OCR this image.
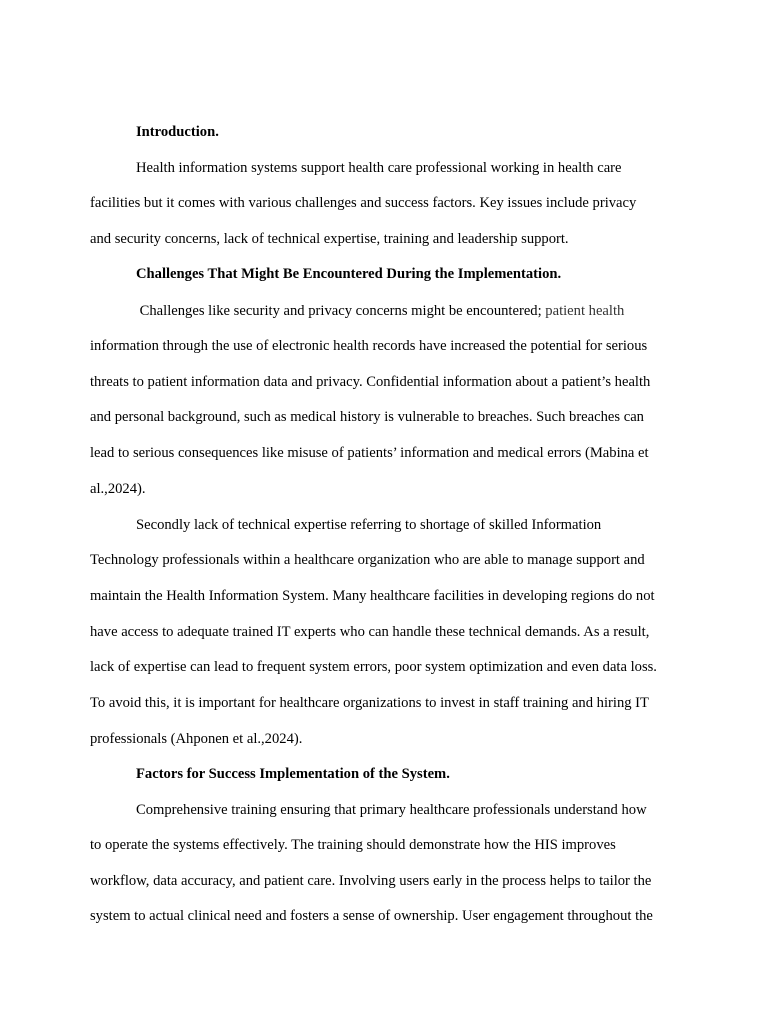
Introduction.
Health information systems support health care professional working in health care
facilities but it comes with various challenges and success factors. Key issues include privacy
and security concerns, lack of technical expertise, training and leadership support.
Challenges That Might Be Encountered During the Implementation.
Challenges like security and privacy concerns might be encountered; patient health
information through the use of electronic health records have increased the potential for serious
threats to patient information data and privacy. Confidential information about a patient’s health
and personal background, such as medical history is vulnerable to breaches. Such breaches can
lead to serious consequences like misuse of patients’ information and medical errors (Mabina et
al.,2024).
Secondly lack of technical expertise referring to shortage of skilled Information
Technology professionals within a healthcare organization who are able to manage support and
maintain the Health Information System. Many healthcare facilities in developing regions do not
have access to adequate trained IT experts who can handle these technical demands. As a result,
lack of expertise can lead to frequent system errors, poor system optimization and even data loss.
To avoid this, it is important for healthcare organizations to invest in staff training and hiring IT
professionals (Ahponen et al.,2024).
Factors for Success Implementation of the System.
Comprehensive training ensuring that primary healthcare professionals understand how
to operate the systems effectively. The training should demonstrate how the HIS improves
workflow, data accuracy, and patient care. Involving users early in the process helps to tailor the
system to actual clinical need and fosters a sense of ownership. User engagement throughout the
